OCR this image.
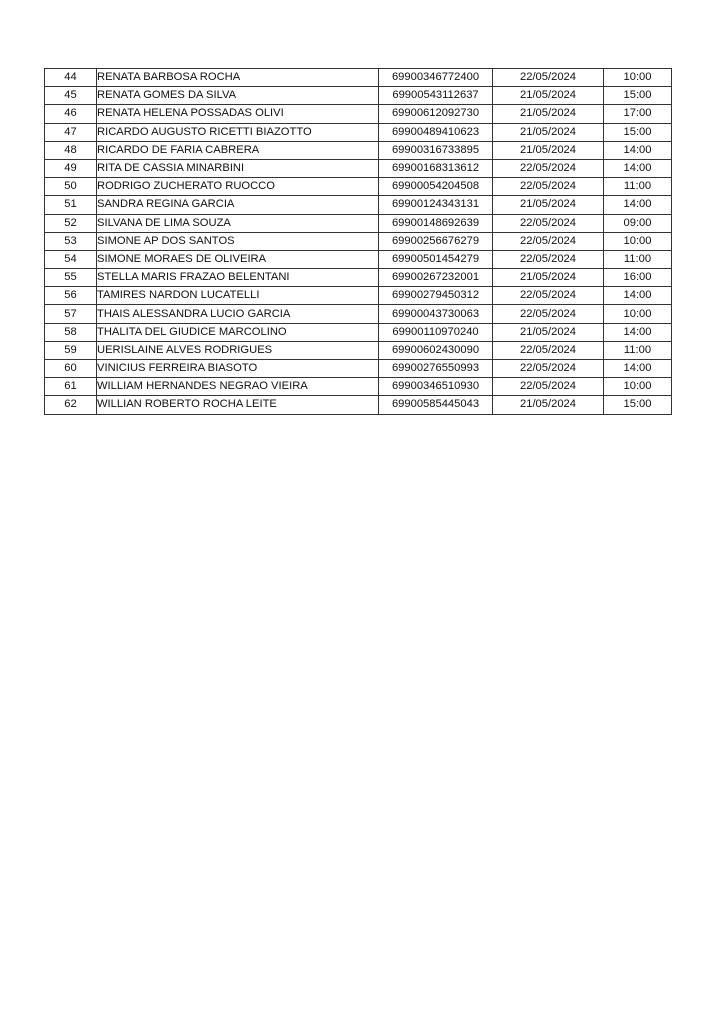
44	RENATA BARBOSA ROCHA	69900346772400	22/05/2024	10:00
45	RENATA GOMES DA SILVA	69900543112637	21/05/2024	15:00
46	RENATA HELENA POSSADAS OLIVI	69900612092730	21/05/2024	17:00
47	RICARDO AUGUSTO RICETTI BIAZOTTO	69900489410623	21/05/2024	15:00
48	RICARDO DE FARIA CABRERA	69900316733895	21/05/2024	14:00
49	RITA DE CASSIA MINARBINI	69900168313612	22/05/2024	14:00
50	RODRIGO ZUCHERATO RUOCCO	69900054204508	22/05/2024	11:00
51	SANDRA REGINA GARCIA	69900124343131	21/05/2024	14:00
52	SILVANA DE LIMA SOUZA	69900148692639	22/05/2024	09:00
53	SIMONE AP DOS SANTOS	69900256676279	22/05/2024	10:00
54	SIMONE MORAES DE OLIVEIRA	69900501454279	22/05/2024	11:00
55	STELLA MARIS FRAZAO BELENTANI	69900267232001	21/05/2024	16:00
56	TAMIRES NARDON LUCATELLI	69900279450312	22/05/2024	14:00
57	THAIS ALESSANDRA LUCIO GARCIA	69900043730063	22/05/2024	10:00
58	THALITA DEL GIUDICE MARCOLINO	69900110970240	21/05/2024	14:00
59	UERISLAINE ALVES RODRIGUES	69900602430090	22/05/2024	11:00
60	VINICIUS FERREIRA BIASOTO	69900276550993	22/05/2024	14:00
61	WILLIAM HERNANDES NEGRAO VIEIRA	69900346510930	22/05/2024	10:00
62	WILLIAN ROBERTO ROCHA LEITE	69900585445043	21/05/2024	15:00
